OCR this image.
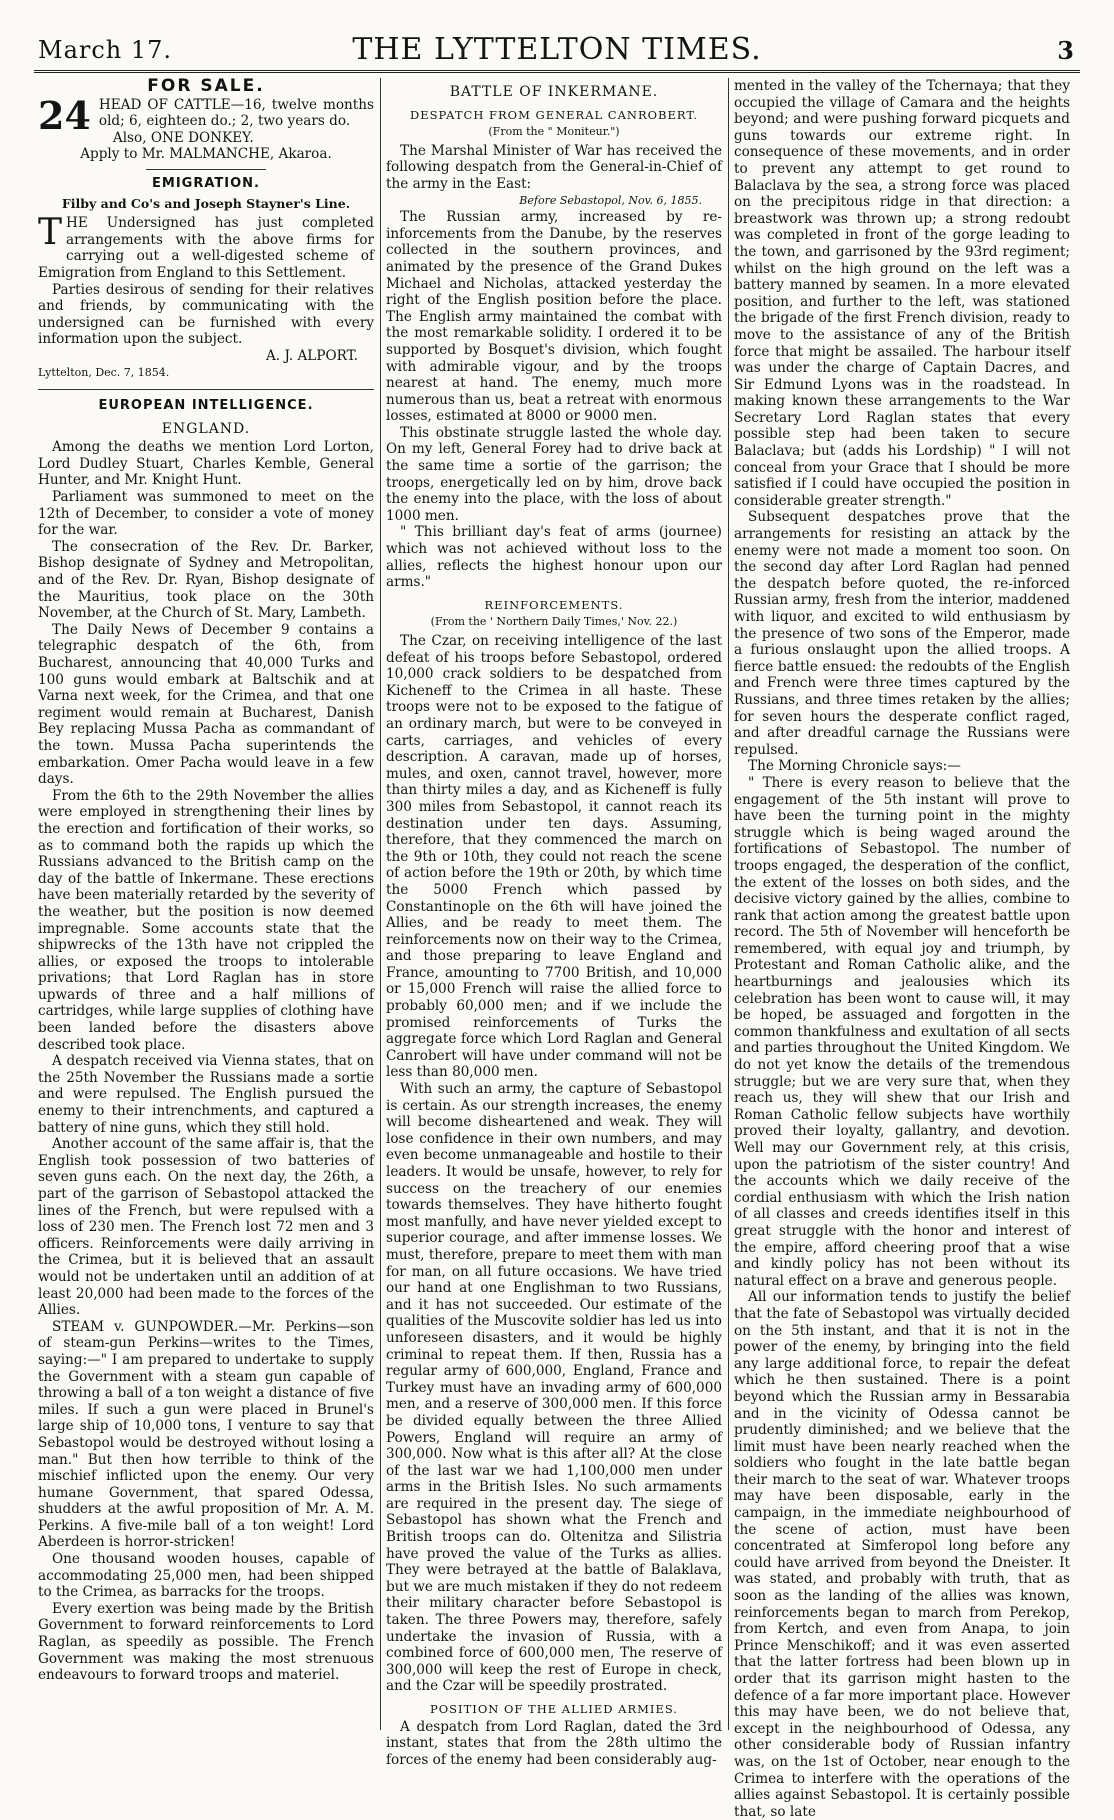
March 17.	THE LYTTELTON TIMES.	3

FOR SALE.

24 HEAD OF CATTLE—16, twelve months old; 6, eighteen do.; 2, two years do.

Also, ONE DONKEY.

Apply to Mr. MALMANCHE, Akaroa.

EMIGRATION.

Filby and Co's and Joseph Stayner's Line.

THE Undersigned has just completed arrangements with the above firms for carrying out a well-digested scheme of Emigration from England to this Settlement.

Parties desirous of sending for their relatives and friends, by communicating with the undersigned can be furnished with every information upon the subject.

A. J. ALPORT.

Lyttelton, Dec. 7, 1854.

EUROPEAN INTELLIGENCE.

ENGLAND.

Among the deaths we mention Lord Lorton, Lord Dudley Stuart, Charles Kemble, General Hunter, and Mr. Knight Hunt.

Parliament was summoned to meet on the 12th of December, to consider a vote of money for the war.

The consecration of the Rev. Dr. Barker, Bishop designate of Sydney and Metropolitan, and of the Rev. Dr. Ryan, Bishop designate of the Mauritius, took place on the 30th November, at the Church of St. Mary, Lambeth.

The Daily News of December 9 contains a telegraphic despatch of the 6th, from Bucharest, announcing that 40,000 Turks and 100 guns would embark at Baltschik and at Varna next week, for the Crimea, and that one regiment would remain at Bucharest, Danish Bey replacing Mussa Pacha as commandant of the town. Mussa Pacha superintends the embarkation. Omer Pacha would leave in a few days.

From the 6th to the 29th November the allies were employed in strengthening their lines by the erection and fortification of their works, so as to command both the rapids up which the Russians advanced to the British camp on the day of the battle of Inkermane. These erections have been materially retarded by the severity of the weather, but the position is now deemed impregnable. Some accounts state that the shipwrecks of the 13th have not crippled the allies, or exposed the troops to intolerable privations; that Lord Raglan has in store upwards of three and a half millions of cartridges, while large supplies of clothing have been landed before the disasters above described took place.

A despatch received via Vienna states, that on the 25th November the Russians made a sortie and were repulsed. The English pursued the enemy to their intrenchments, and captured a battery of nine guns, which they still hold.

Another account of the same affair is, that the English took possession of two batteries of seven guns each. On the next day, the 26th, a part of the garrison of Sebastopol attacked the lines of the French, but were repulsed with a loss of 230 men. The French lost 72 men and 3 officers. Reinforcements were daily arriving in the Crimea, but it is believed that an assault would not be undertaken until an addition of at least 20,000 had been made to the forces of the Allies.

STEAM v. GUNPOWDER.—Mr. Perkins—son of steam-gun Perkins—writes to the Times, saying:—" I am prepared to undertake to supply the Government with a steam gun capable of throwing a ball of a ton weight a distance of five miles. If such a gun were placed in Brunel's large ship of 10,000 tons, I venture to say that Sebastopol would be destroyed without losing a man." But then how terrible to think of the mischief inflicted upon the enemy. Our very humane Government, that spared Odessa, shudders at the awful proposition of Mr. A. M. Perkins. A five-mile ball of a ton weight! Lord Aberdeen is horror-stricken!

One thousand wooden houses, capable of accommodating 25,000 men, had been shipped to the Crimea, as barracks for the troops.

Every exertion was being made by the British Government to forward reinforcements to Lord Raglan, as speedily as possible. The French Government was making the most strenuous endeavours to forward troops and materiel.

BATTLE OF INKERMANE.

DESPATCH FROM GENERAL CANROBERT.

(From the " Moniteur.")

The Marshal Minister of War has received the following despatch from the General-in-Chief of the army in the East:

Before Sebastopol, Nov. 6, 1855.

The Russian army, increased by re-inforcements from the Danube, by the reserves collected in the southern provinces, and animated by the presence of the Grand Dukes Michael and Nicholas, attacked yesterday the right of the English position before the place. The English army maintained the combat with the most remarkable solidity. I ordered it to be supported by Bosquet's division, which fought with admirable vigour, and by the troops nearest at hand. The enemy, much more numerous than us, beat a retreat with enormous losses, estimated at 8000 or 9000 men.

This obstinate struggle lasted the whole day. On my left, General Forey had to drive back at the same time a sortie of the garrison; the troops, energetically led on by him, drove back the enemy into the place, with the loss of about 1000 men.

" This brilliant day's feat of arms (journee) which was not achieved without loss to the allies, reflects the highest honour upon our arms."

REINFORCEMENTS.

(From the ' Northern Daily Times,' Nov. 22.)

The Czar, on receiving intelligence of the last defeat of his troops before Sebastopol, ordered 10,000 crack soldiers to be despatched from Kicheneff to the Crimea in all haste. These troops were not to be exposed to the fatigue of an ordinary march, but were to be conveyed in carts, carriages, and vehicles of every description. A caravan, made up of horses, mules, and oxen, cannot travel, however, more than thirty miles a day, and as Kicheneff is fully 300 miles from Sebastopol, it cannot reach its destination under ten days. Assuming, therefore, that they commenced the march on the 9th or 10th, they could not reach the scene of action before the 19th or 20th, by which time the 5000 French which passed by Constantinople on the 6th will have joined the Allies, and be ready to meet them. The reinforcements now on their way to the Crimea, and those preparing to leave England and France, amounting to 7700 British, and 10,000 or 15,000 French will raise the allied force to probably 60,000 men; and if we include the promised reinforcements of Turks the aggregate force which Lord Raglan and General Canrobert will have under command will not be less than 80,000 men.

With such an army, the capture of Sebastopol is certain. As our strength increases, the enemy will become disheartened and weak. They will lose confidence in their own numbers, and may even become unmanageable and hostile to their leaders. It would be unsafe, however, to rely for success on the treachery of our enemies towards themselves. They have hitherto fought most manfully, and have never yielded except to superior courage, and after immense losses. We must, therefore, prepare to meet them with man for man, on all future occasions. We have tried our hand at one Englishman to two Russians, and it has not succeeded. Our estimate of the qualities of the Muscovite soldier has led us into unforeseen disasters, and it would be highly criminal to repeat them. If then, Russia has a regular army of 600,000, England, France and Turkey must have an invading army of 600,000 men, and a reserve of 300,000 men. If this force be divided equally between the three Allied Powers, England will require an army of 300,000. Now what is this after all? At the close of the last war we had 1,100,000 men under arms in the British Isles. No such armaments are required in the present day. The siege of Sebastopol has shown what the French and British troops can do. Oltenitza and Silistria have proved the value of the Turks as allies. They were betrayed at the battle of Balaklava, but we are much mistaken if they do not redeem their military character before Sebastopol is taken. The three Powers may, therefore, safely undertake the invasion of Russia, with a combined force of 600,000 men, The reserve of 300,000 will keep the rest of Europe in check, and the Czar will be speedily prostrated.

POSITION OF THE ALLIED ARMIES.

A despatch from Lord Raglan, dated the 3rd instant, states that from the 28th ultimo the forces of the enemy had been considerably aug-

mented in the valley of the Tchernaya; that they occupied the village of Camara and the heights beyond; and were pushing forward picquets and guns towards our extreme right. In consequence of these movements, and in order to prevent any attempt to get round to Balaclava by the sea, a strong force was placed on the precipitous ridge in that direction: a breastwork was thrown up; a strong redoubt was completed in front of the gorge leading to the town, and garrisoned by the 93rd regiment; whilst on the high ground on the left was a battery manned by seamen. In a more elevated position, and further to the left, was stationed the brigade of the first French division, ready to move to the assistance of any of the British force that might be assailed. The harbour itself was under the charge of Captain Dacres, and Sir Edmund Lyons was in the roadstead. In making known these arrangements to the War Secretary Lord Raglan states that every possible step had been taken to secure Balaclava; but (adds his Lordship) " I will not conceal from your Grace that I should be more satisfied if I could have occupied the position in considerable greater strength."

Subsequent despatches prove that the arrangements for resisting an attack by the enemy were not made a moment too soon. On the second day after Lord Raglan had penned the despatch before quoted, the re-inforced Russian army, fresh from the interior, maddened with liquor, and excited to wild enthusiasm by the presence of two sons of the Emperor, made a furious onslaught upon the allied troops. A fierce battle ensued: the redoubts of the English and French were three times captured by the Russians, and three times retaken by the allies; for seven hours the desperate conflict raged, and after dreadful carnage the Russians were repulsed.

The Morning Chronicle says:—

" There is every reason to believe that the engagement of the 5th instant will prove to have been the turning point in the mighty struggle which is being waged around the fortifications of Sebastopol. The number of troops engaged, the desperation of the conflict, the extent of the losses on both sides, and the decisive victory gained by the allies, combine to rank that action among the greatest battle upon record. The 5th of November will henceforth be remembered, with equal joy and triumph, by Protestant and Roman Catholic alike, and the heartburnings and jealousies which its celebration has been wont to cause will, it may be hoped, be assuaged and forgotten in the common thankfulness and exultation of all sects and parties throughout the United Kingdom. We do not yet know the details of the tremendous struggle; but we are very sure that, when they reach us, they will shew that our Irish and Roman Catholic fellow subjects have worthily proved their loyalty, gallantry, and devotion. Well may our Government rely, at this crisis, upon the patriotism of the sister country! And the accounts which we daily receive of the cordial enthusiasm with which the Irish nation of all classes and creeds identifies itself in this great struggle with the honor and interest of the empire, afford cheering proof that a wise and kindly policy has not been without its natural effect on a brave and generous people.

All our information tends to justify the belief that the fate of Sebastopol was virtually decided on the 5th instant, and that it is not in the power of the enemy, by bringing into the field any large additional force, to repair the defeat which he then sustained. There is a point beyond which the Russian army in Bessarabia and in the vicinity of Odessa cannot be prudently diminished; and we believe that the limit must have been nearly reached when the soldiers who fought in the late battle began their march to the seat of war. Whatever troops may have been disposable, early in the campaign, in the immediate neighbourhood of the scene of action, must have been concentrated at Simferopol long before any could have arrived from beyond the Dneister. It was stated, and probably with truth, that as soon as the landing of the allies was known, reinforcements began to march from Perekop, from Kertch, and even from Anapa, to join Prince Menschikoff; and it was even asserted that the latter fortress had been blown up in order that its garrison might hasten to the defence of a far more important place. However this may have been, we do not believe that, except in the neighbourhood of Odessa, any other considerable body of Russian infantry was, on the 1st of October, near enough to the Crimea to interfere with the operations of the allies against Sebastopol. It is certainly possible that, so late
